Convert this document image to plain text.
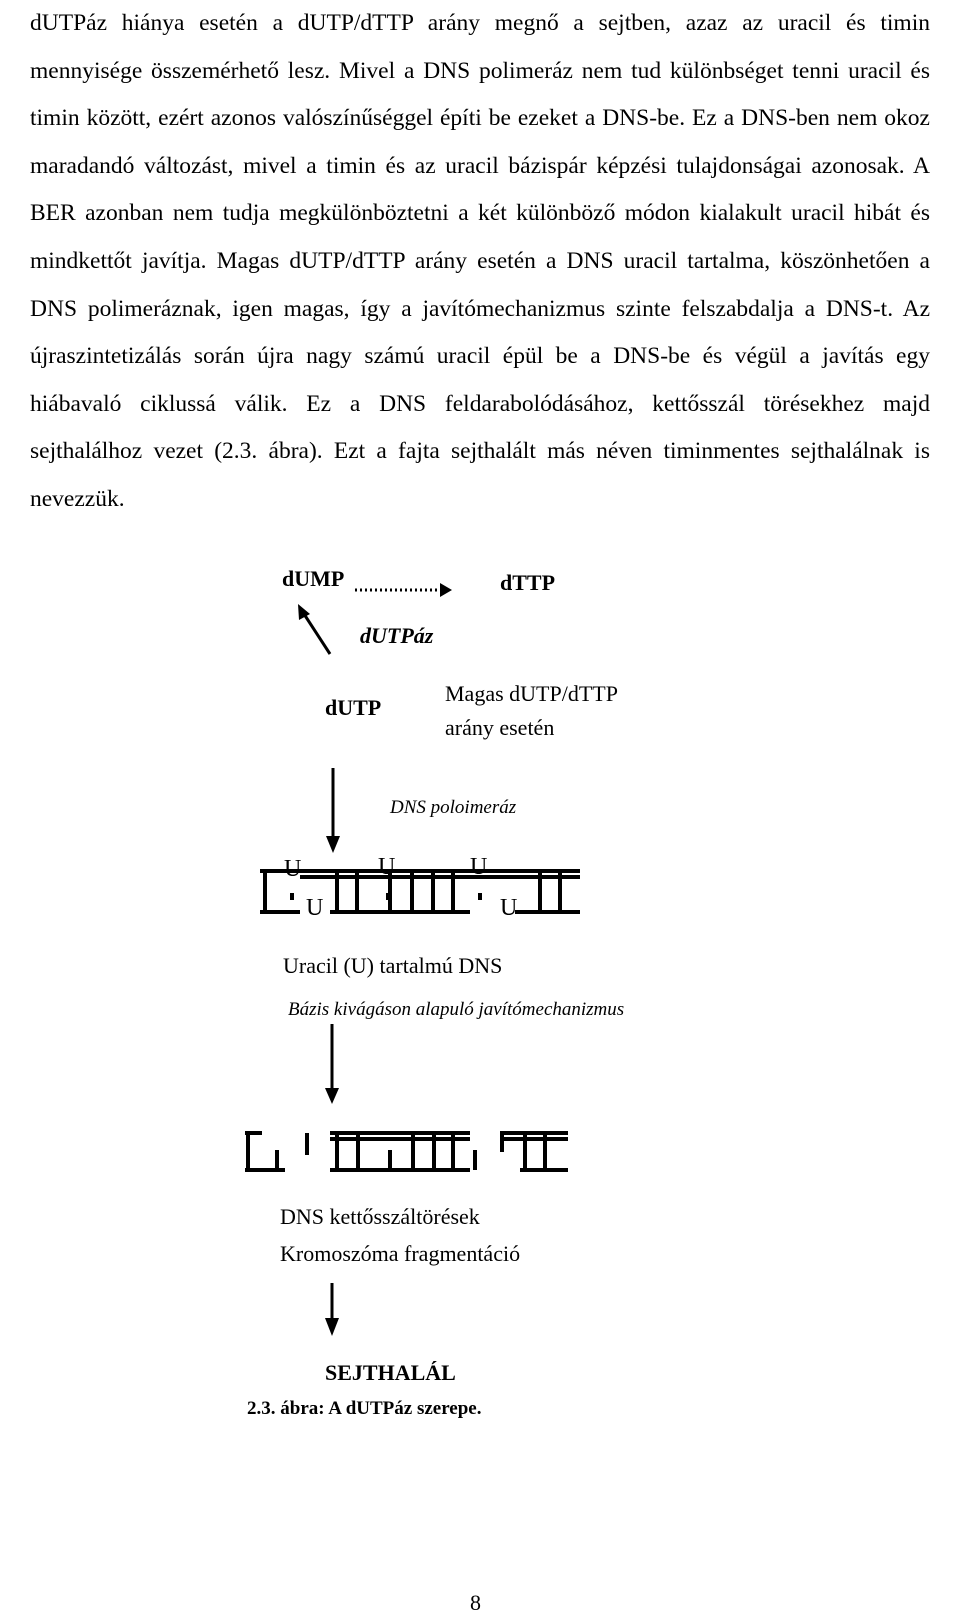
dUTPáz hiánya esetén a dUTP/dTTP arány megnő a sejtben, azaz az uracil és timin mennyisége összemérhető lesz. Mivel a DNS polimeráz nem tud különbséget tenni uracil és timin között, ezért azonos valószínűséggel építi be ezeket a DNS-be. Ez a DNS-ben nem okoz maradandó változást, mivel a timin és az uracil bázispár képzési tulajdonságai azonosak. A BER azonban nem tudja megkülönböztetni a két különböző módon kialakult uracil hibát és mindkettőt javítja. Magas dUTP/dTTP arány esetén a DNS uracil tartalma, köszönhetően a DNS polimeráznak, igen magas, így a javítómechanizmus szinte felszabdalja a DNS-t. Az újraszintetizálás során újra nagy számú uracil épül be a DNS-be és végül a javítás egy hiábavaló ciklussá válik. Ez a DNS feldarabolódásához, kettősszál törésekhez majd sejthalálhoz vezet (2.3. ábra). Ezt a fajta sejthalált más néven timinmentes sejthalálnak is nevezzük.

dUMP	dTTP
dUTPáz
dUTP
Magas dUTP/dTTP
arány esetén
DNS poloimeráz
U	U	U
U	U
Uracil (U) tartalmú DNS
Bázis kivágáson alapuló javítómechanizmus
DNS kettősszáltörések
Kromoszóma fragmentáció
SEJTHALÁL
2.3. ábra: A dUTPáz szerepe.
8
